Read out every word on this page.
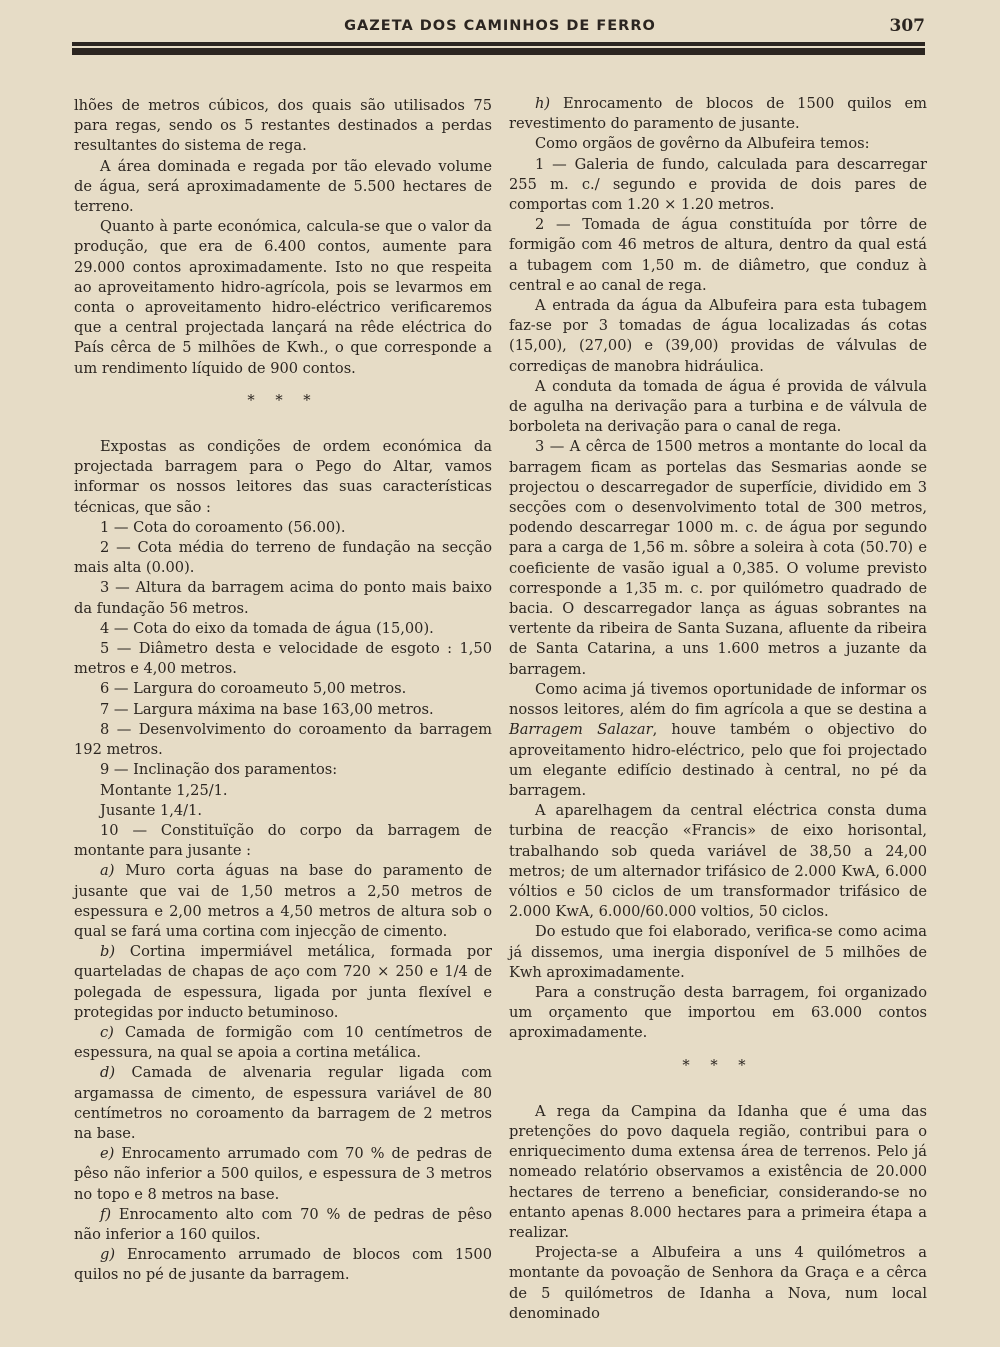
GAZETA DOS CAMINHOS DE FERRO	307

lhões de metros cúbicos, dos quais são utilisados 75 para regas, sendo os 5 restantes destinados a perdas resultantes do sistema de rega.

A área dominada e regada por tão elevado volume de água, será aproximadamente de 5.500 hectares de terreno.

Quanto à parte económica, calcula-se que o valor da produção, que era de 6.400 contos, aumente para 29.000 contos aproximadamente. Isto no que respeita ao aproveitamento hidro-agrícola, pois se levarmos em conta o aproveitamento hidro-eléctrico verificaremos que a central projectada lançará na rêde eléctrica do País cêrca de 5 milhões de Kwh., o que corresponde a um rendimento líquido de 900 contos.

* * *

Expostas as condições de ordem económica da projectada barragem para o Pego do Altar, vamos informar os nossos leitores das suas características técnicas, que são :

1 — Cota do coroamento (56.00).

2 — Cota média do terreno de fundação na secção mais alta (0.00).

3 — Altura da barragem acima do ponto mais baixo da fundação 56 metros.

4 — Cota do eixo da tomada de água (15,00).

5 — Diâmetro desta e velocidade de esgoto : 1,50 metros e 4,00 metros.

6 — Largura do coroameuto 5,00 metros.

7 — Largura máxima na base 163,00 metros.

8 — Desenvolvimento do coroamento da barragem 192 metros.

9 — Inclinação dos paramentos:

Montante 1,25/1.

Jusante 1,4/1.

10 — Constituïção do corpo da barragem de montante para jusante :

a) Muro corta águas na base do paramento de jusante que vai de 1,50 metros a 2,50 metros de espessura e 2,00 metros a 4,50 metros de altura sob o qual se fará uma cortina com injecção de cimento.

b) Cortina impermiável metálica, formada por quarteladas de chapas de aço com 720 × 250 e 1/4 de polegada de espessura, ligada por junta flexível e protegidas por inducto betuminoso.

c) Camada de formigão com 10 centímetros de espessura, na qual se apoia a cortina metálica.

d) Camada de alvenaria regular ligada com argamassa de cimento, de espessura variável de 80 centímetros no coroamento da barragem de 2 metros na base.

e) Enrocamento arrumado com 70 % de pedras de pêso não inferior a 500 quilos, e espessura de 3 metros no topo e 8 metros na base.

f) Enrocamento alto com 70 % de pedras de pêso não inferior a 160 quilos.

g) Enrocamento arrumado de blocos com 1500 quilos no pé de jusante da barragem.

h) Enrocamento de blocos de 1500 quilos em revestimento do paramento de jusante.

Como orgãos de govêrno da Albufeira temos:

1 — Galeria de fundo, calculada para descarregar 255 m. c./ segundo e provida de dois pares de comportas com 1.20 × 1.20 metros.

2 — Tomada de água constituída por tôrre de formigão com 46 metros de altura, dentro da qual está a tubagem com 1,50 m. de diâmetro, que conduz à central e ao canal de rega.

A entrada da água da Albufeira para esta tubagem faz-se por 3 tomadas de água localizadas ás cotas (15,00), (27,00) e (39,00) providas de válvulas de corrediças de manobra hidráulica.

A conduta da tomada de água é provida de válvula de agulha na derivação para a turbina e de válvula de borboleta na derivação para o canal de rega.

3 — A cêrca de 1500 metros a montante do local da barragem ficam as portelas das Sesmarias aonde se projectou o descarregador de superfície, dividido em 3 secções com o desenvolvimento total de 300 metros, podendo descarregar 1000 m. c. de água por segundo para a carga de 1,56 m. sôbre a soleira à cota (50.70) e coeficiente de vasão igual a 0,385. O volume previsto corresponde a 1,35 m. c. por quilómetro quadrado de bacia. O descarregador lança as águas sobrantes na vertente da ribeira de Santa Suzana, afluente da ribeira de Santa Catarina, a uns 1.600 metros a juzante da barragem.

Como acima já tivemos oportunidade de informar os nossos leitores, além do fim agrícola a que se destina a Barragem Salazar, houve também o objectivo do aproveitamento hidro-eléctrico, pelo que foi projectado um elegante edifício destinado à central, no pé da barragem.

A aparelhagem da central eléctrica consta duma turbina de reacção «Francis» de eixo horisontal, trabalhando sob queda variável de 38,50 a 24,00 metros; de um alternador trifásico de 2.000 KwA, 6.000 vóltios e 50 ciclos de um transformador trifásico de 2.000 KwA, 6.000/60.000 voltios, 50 ciclos.

Do estudo que foi elaborado, verifica-se como acima já dissemos, uma inergia disponível de 5 milhões de Kwh aproximadamente.

Para a construção desta barragem, foi organizado um orçamento que importou em 63.000 contos aproximadamente.

* * *

A rega da Campina da Idanha que é uma das pretenções do povo daquela região, contribui para o enriquecimento duma extensa área de terrenos. Pelo já nomeado relatório observamos a existência de 20.000 hectares de terreno a beneficiar, considerando-se no entanto apenas 8.000 hectares para a primeira étapa a realizar.

Projecta-se a Albufeira a uns 4 quilómetros a montante da povoação de Senhora da Graça e a cêrca de 5 quilómetros de Idanha a Nova, num local denominado
